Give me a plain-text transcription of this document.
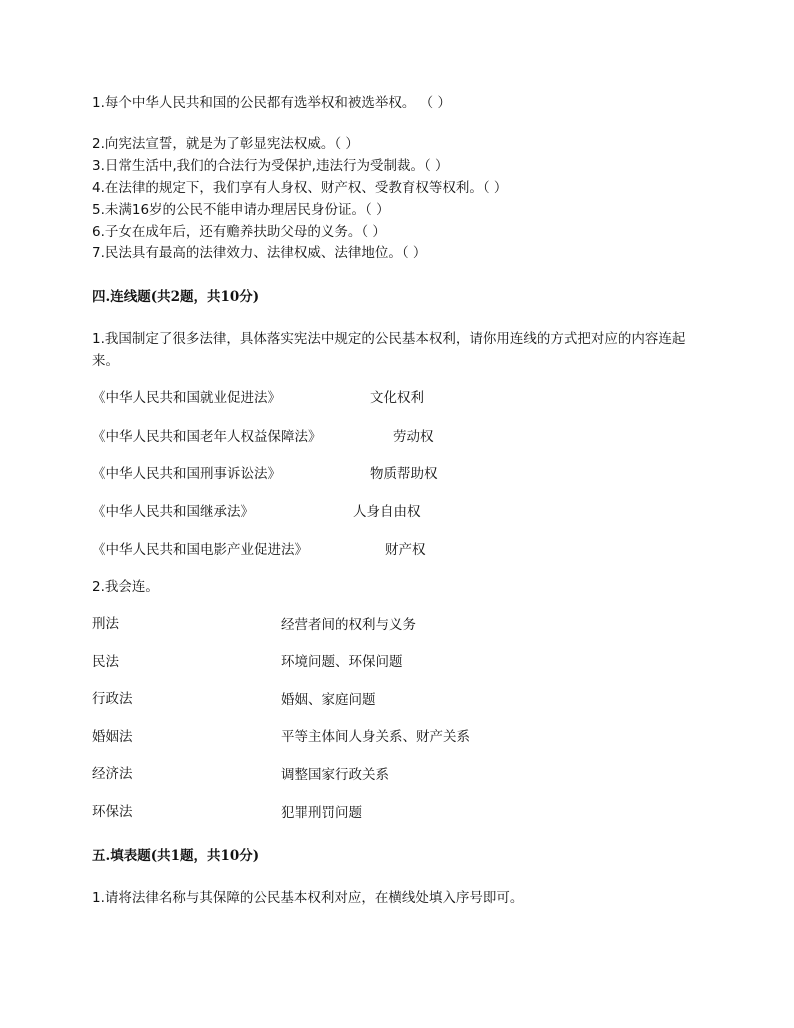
1.每个中华人民共和国的公民都有选举权和被选举权。 （ ）
2.向宪法宣誓，就是为了彰显宪法权威。（ ）
3.日常生活中,我们的合法行为受保护,违法行为受制裁。（ ）
4.在法律的规定下，我们享有人身权、财产权、受教育权等权利。（ ）
5.未满16岁的公民不能申请办理居民身份证。（ ）
6.子女在成年后，还有赡养扶助父母的义务。（ ）
7.民法具有最高的法律效力、法律权威、法律地位。（ ）
四.连线题(共2题，共10分)
1.我国制定了很多法律，具体落实宪法中规定的公民基本权利，请你用连线的方式把对应的内容连起来。
《中华人民共和国就业促进法》	文化权利
《中华人民共和国老年人权益保障法》	劳动权
《中华人民共和国刑事诉讼法》	物质帮助权
《中华人民共和国继承法》	人身自由权
《中华人民共和国电影产业促进法》	财产权
2.我会连。
刑法	经营者间的权利与义务
民法	环境问题、环保问题
行政法	婚姻、家庭问题
婚姻法	平等主体间人身关系、财产关系
经济法	调整国家行政关系
环保法	犯罪刑罚问题
五.填表题(共1题，共10分)
1.请将法律名称与其保障的公民基本权利对应，在横线处填入序号即可。
